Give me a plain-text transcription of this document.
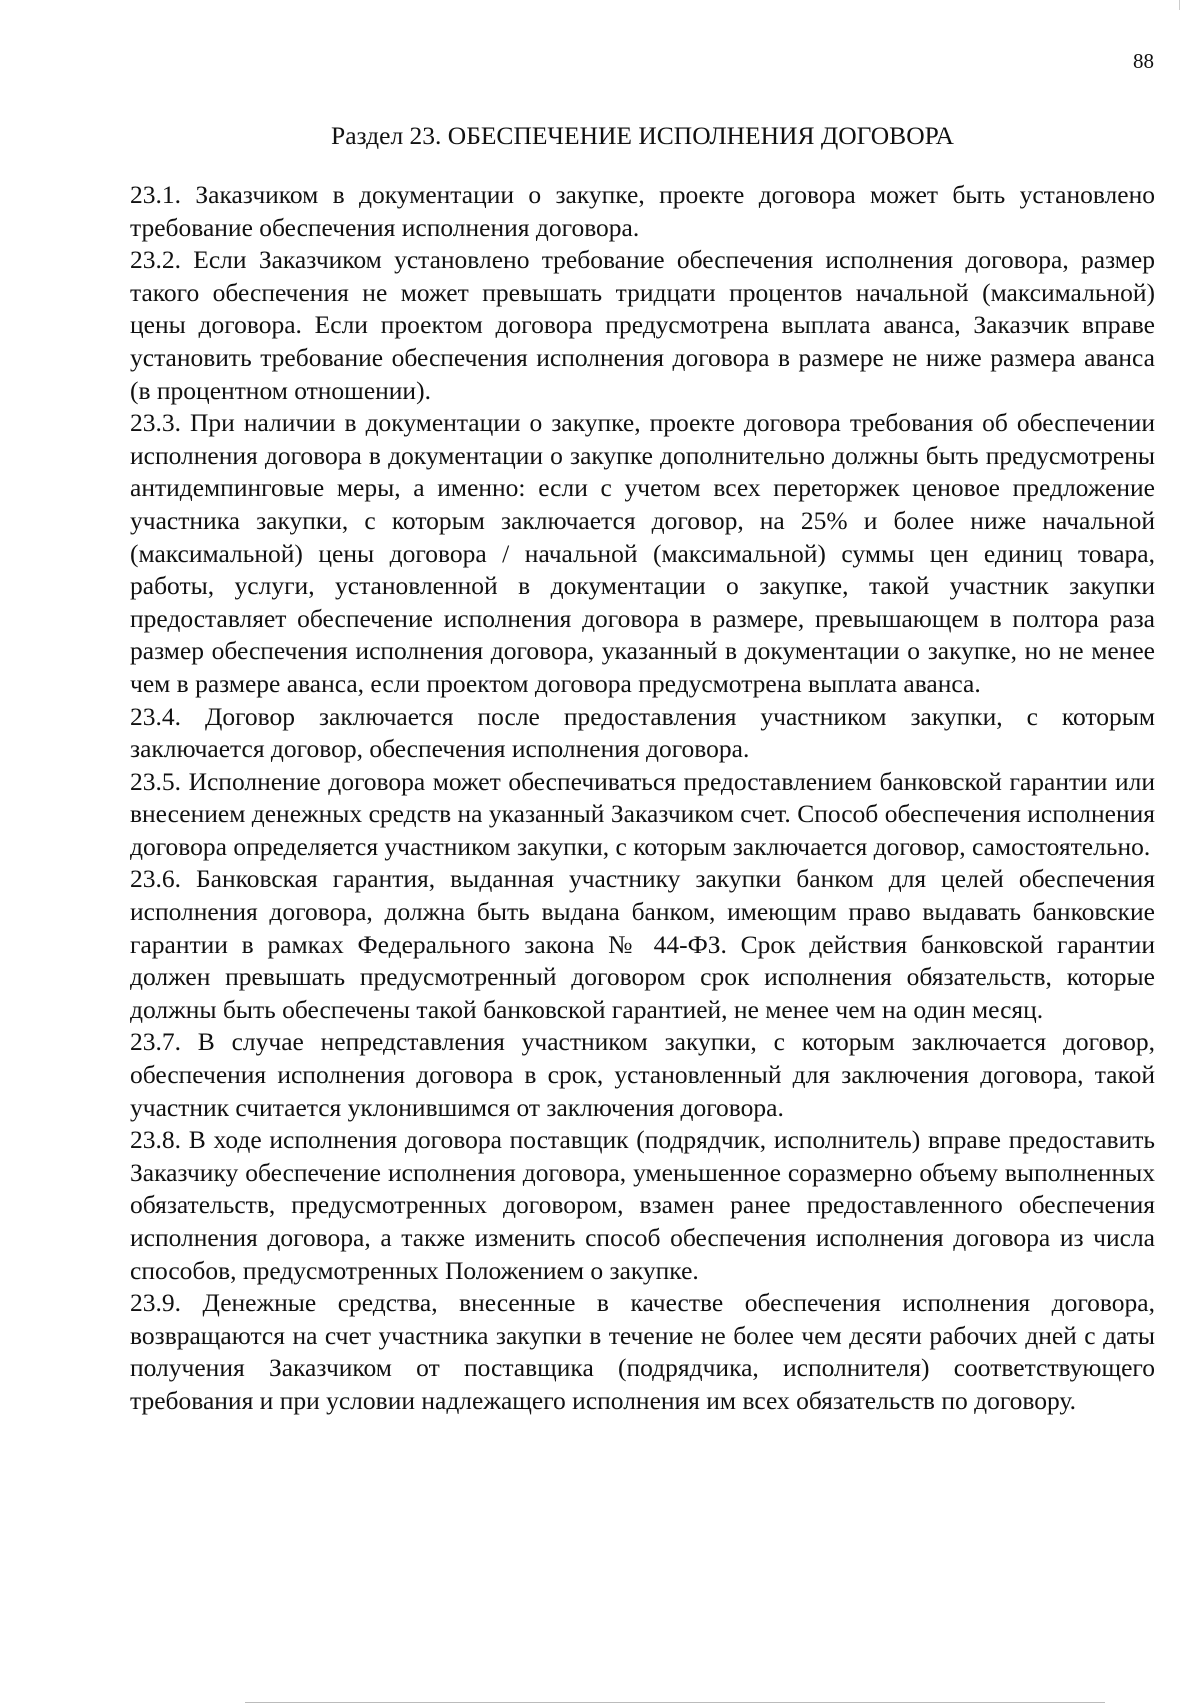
88
Раздел 23. ОБЕСПЕЧЕНИЕ ИСПОЛНЕНИЯ ДОГОВОРА

23.1. Заказчиком в документации о закупке, проекте договора может быть установлено требование обеспечения исполнения договора.

23.2. Если Заказчиком установлено требование обеспечения исполнения договора, размер такого обеспечения не может превышать тридцати процентов начальной (максимальной) цены договора. Если проектом договора предусмотрена выплата аванса, Заказчик вправе установить требование обеспечения исполнения договора в размере не ниже размера аванса (в процентном отношении).

23.3. При наличии в документации о закупке, проекте договора требования об обеспечении исполнения договора в документации о закупке дополнительно должны быть предусмотрены антидемпинговые меры, а именно: если с учетом всех переторжек ценовое предложение участника закупки, с которым заключается договор, на 25% и более ниже начальной (максимальной) цены договора / начальной (максимальной) суммы цен единиц товара, работы, услуги, установленной в документации о закупке, такой участник закупки предоставляет обеспечение исполнения договора в размере, превышающем в полтора раза размер обеспечения исполнения договора, указанный в документации о закупке, но не менее чем в размере аванса, если проектом договора предусмотрена выплата аванса.

23.4. Договор заключается после предоставления участником закупки, с которым заключается договор, обеспечения исполнения договора.

23.5. Исполнение договора может обеспечиваться предоставлением банковской гарантии или внесением денежных средств на указанный Заказчиком счет. Способ обеспечения исполнения договора определяется участником закупки, с которым заключается договор, самостоятельно.

23.6. Банковская гарантия, выданная участнику закупки банком для целей обеспечения исполнения договора, должна быть выдана банком, имеющим право выдавать банковские гарантии в рамках Федерального закона № 44-ФЗ. Срок действия банковской гарантии должен превышать предусмотренный договором срок исполнения обязательств, которые должны быть обеспечены такой банковской гарантией, не менее чем на один месяц.

23.7. В случае непредставления участником закупки, с которым заключается договор, обеспечения исполнения договора в срок, установленный для заключения договора, такой участник считается уклонившимся от заключения договора.

23.8. В ходе исполнения договора поставщик (подрядчик, исполнитель) вправе предоставить Заказчику обеспечение исполнения договора, уменьшенное соразмерно объему выполненных обязательств, предусмотренных договором, взамен ранее предоставленного обеспечения исполнения договора, а также изменить способ обеспечения исполнения договора из числа способов, предусмотренных Положением о закупке.

23.9. Денежные средства, внесенные в качестве обеспечения исполнения договора, возвращаются на счет участника закупки в течение не более чем десяти рабочих дней с даты получения Заказчиком от поставщика (подрядчика, исполнителя) соответствующего требования и при условии надлежащего исполнения им всех обязательств по договору.
